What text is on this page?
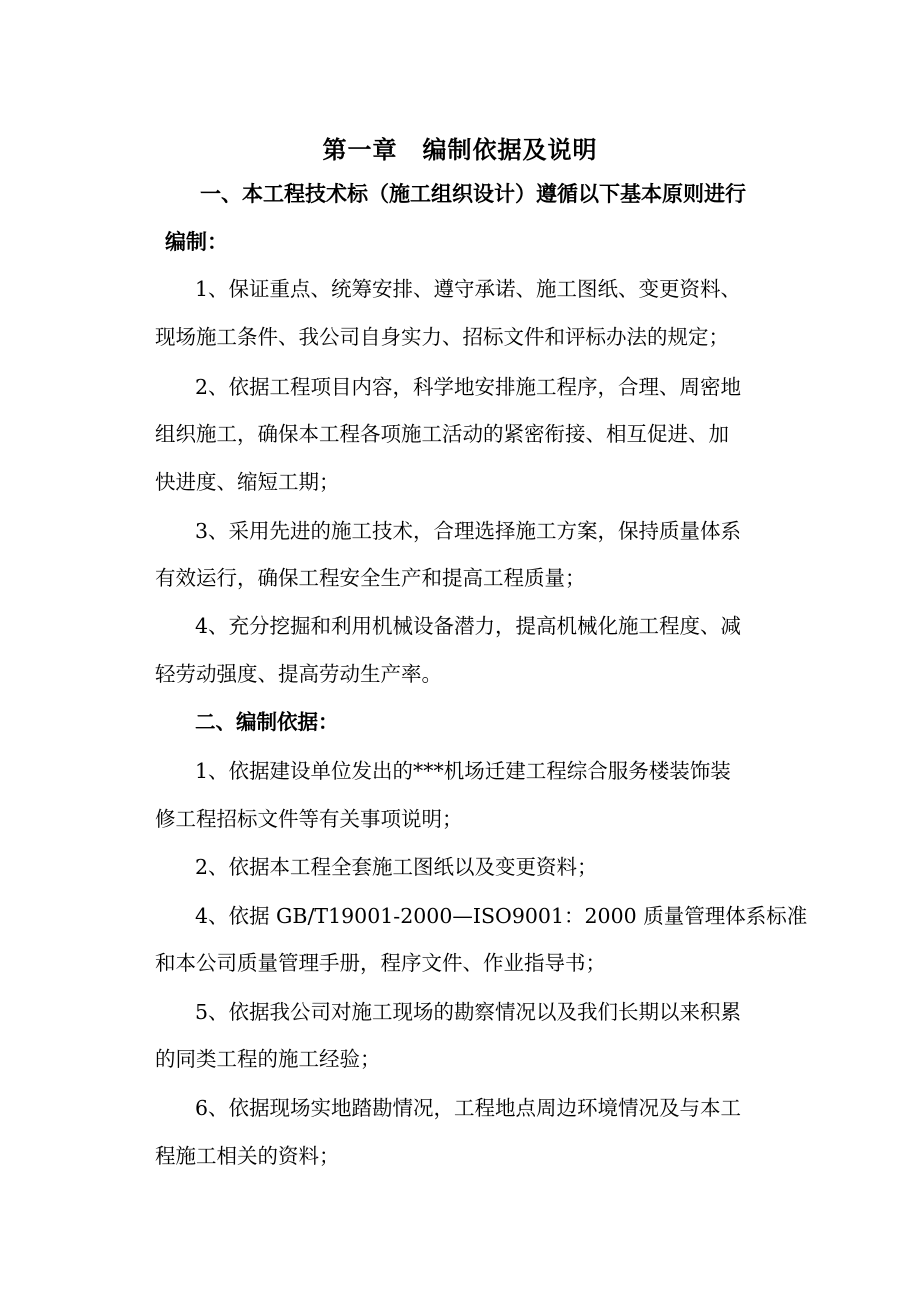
第一章　编制依据及说明
一、本工程技术标（施工组织设计）遵循以下基本原则进行
编制：
1、保证重点、统筹安排、遵守承诺、施工图纸、变更资料、
现场施工条件、我公司自身实力、招标文件和评标办法的规定；
2、依据工程项目内容，科学地安排施工程序，合理、周密地
组织施工，确保本工程各项施工活动的紧密衔接、相互促进、加
快进度、缩短工期；
3、采用先进的施工技术，合理选择施工方案，保持质量体系
有效运行，确保工程安全生产和提高工程质量；
4、充分挖掘和利用机械设备潜力，提高机械化施工程度、减
轻劳动强度、提高劳动生产率。
二、编制依据：
1、依据建设单位发出的***机场迁建工程综合服务楼装饰装
修工程招标文件等有关事项说明；
2、依据本工程全套施工图纸以及变更资料；
4、依据 GB/T19001-2000—ISO9001：2000 质量管理体系标准
和本公司质量管理手册，程序文件、作业指导书；
5、依据我公司对施工现场的勘察情况以及我们长期以来积累
的同类工程的施工经验；
6、依据现场实地踏勘情况，工程地点周边环境情况及与本工
程施工相关的资料；
